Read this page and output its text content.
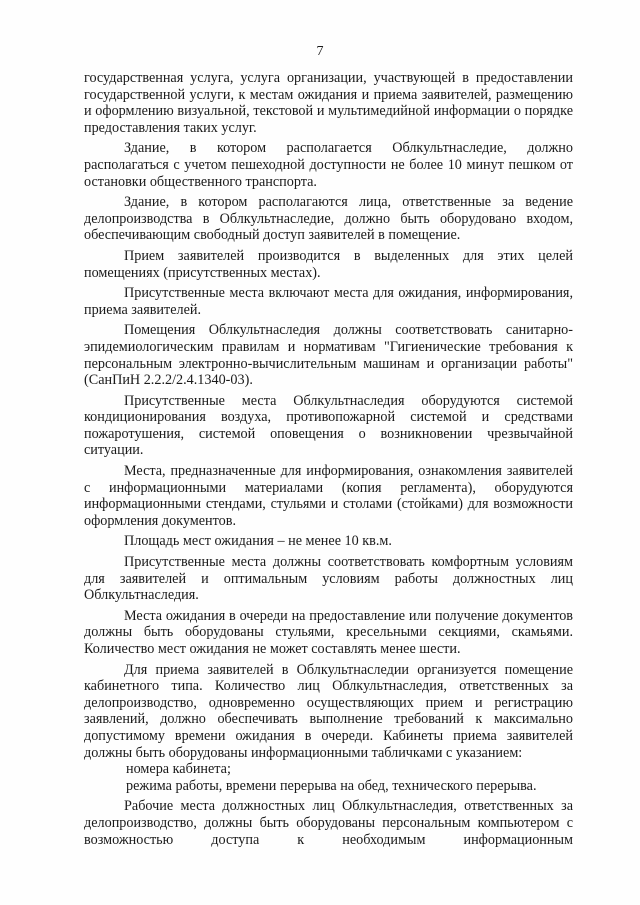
7

государственная услуга, услуга организации, участвующей в предоставлении государственной услуги, к местам ожидания и приема заявителей, размещению и оформлению визуальной, текстовой и мультимедийной информации о порядке предоставления таких услуг.

Здание, в котором располагается Облкультнаследие, должно располагаться с учетом пешеходной доступности не более 10 минут пешком от остановки общественного транспорта.

Здание, в котором располагаются лица, ответственные за ведение делопроизводства в Облкультнаследие, должно быть оборудовано входом, обеспечивающим свободный доступ заявителей в помещение.

Прием заявителей производится в выделенных для этих целей помещениях (присутственных местах).

Присутственные места включают места для ожидания, информирования, приема заявителей.

Помещения Облкультнаследия должны соответствовать санитарно-эпидемиологическим правилам и нормативам "Гигиенические требования к персональным электронно-вычислительным машинам и организации работы" (СанПиН 2.2.2/2.4.1340-03).

Присутственные места Облкультнаследия оборудуются системой кондиционирования воздуха, противопожарной системой и средствами пожаротушения, системой оповещения о возникновении чрезвычайной ситуации.

Места, предназначенные для информирования, ознакомления заявителей с информационными материалами (копия регламента), оборудуются информационными стендами, стульями и столами (стойками) для возможности оформления документов.

Площадь мест ожидания – не менее 10 кв.м.

Присутственные места должны соответствовать комфортным условиям для заявителей и оптимальным условиям работы должностных лиц Облкультнаследия.

Места ожидания в очереди на предоставление или получение документов должны быть оборудованы стульями, кресельными секциями, скамьями. Количество мест ожидания не может составлять менее шести.

Для приема заявителей в Облкультнаследии организуется помещение кабинетного типа. Количество лиц Облкультнаследия, ответственных за делопроизводство, одновременно осуществляющих прием и регистрацию заявлений, должно обеспечивать выполнение требований к максимально допустимому времени ожидания в очереди. Кабинеты приема заявителей должны быть оборудованы информационными табличками с указанием:

номера кабинета;

режима работы, времени перерыва на обед, технического перерыва.

Рабочие места должностных лиц Облкультнаследия, ответственных за делопроизводство, должны быть оборудованы персональным компьютером с возможностью доступа к необходимым информационным
